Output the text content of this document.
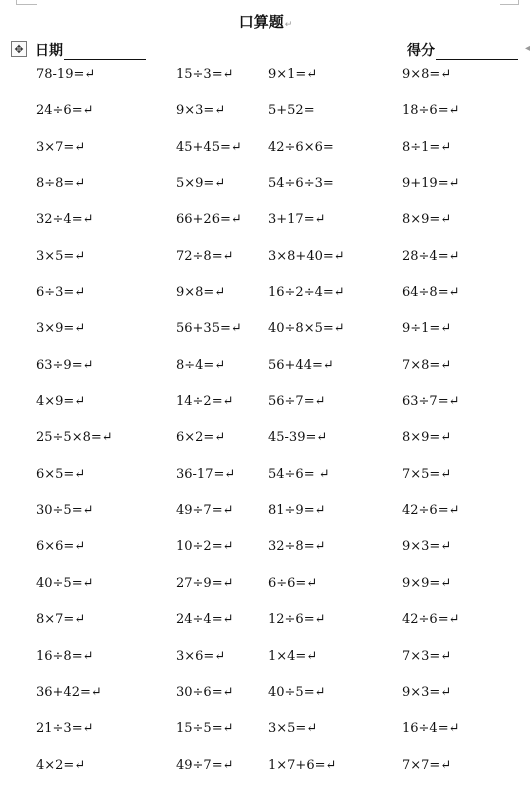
口算题↵
✥ 日期	得分	◂
78-19=↵	15÷3=↵	9×1=↵	9×8=↵
24÷6=↵	9×3=↵	5+52=	18÷6=↵
3×7=↵	45+45=↵ 42÷6×6=	8÷1=↵
8÷8=↵	5×9=↵	54÷6÷3=	9+19=↵
32÷4=↵	66+26=↵ 3+17=↵	8×9=↵
3×5=↵	72÷8=↵	3×8+40=↵	28÷4=↵
6÷3=↵	9×8=↵	16÷2÷4=↵	64÷8=↵
3×9=↵	56+35=↵ 40÷8×5=↵	9÷1=↵
63÷9=↵	8÷4=↵	56+44=↵	7×8=↵
4×9=↵	14÷2=↵	56÷7=↵	63÷7=↵
25÷5×8=↵	6×2=↵	45-39=↵	8×9=↵
6×5=↵	36-17=↵	54÷6= ↵	7×5=↵
30÷5=↵	49÷7=↵	81÷9=↵	42÷6=↵
6×6=↵	10÷2=↵	32÷8=↵	9×3=↵
40÷5=↵	27÷9=↵	6÷6=↵	9×9=↵
8×7=↵	24÷4=↵	12÷6=↵	42÷6=↵
16÷8=↵	3×6=↵	1×4=↵	7×3=↵
36+42=↵	30÷6=↵	40÷5=↵	9×3=↵
21÷3=↵	15÷5=↵	3×5=↵	16÷4=↵
4×2=↵	49÷7=↵	1×7+6=↵	7×7=↵
